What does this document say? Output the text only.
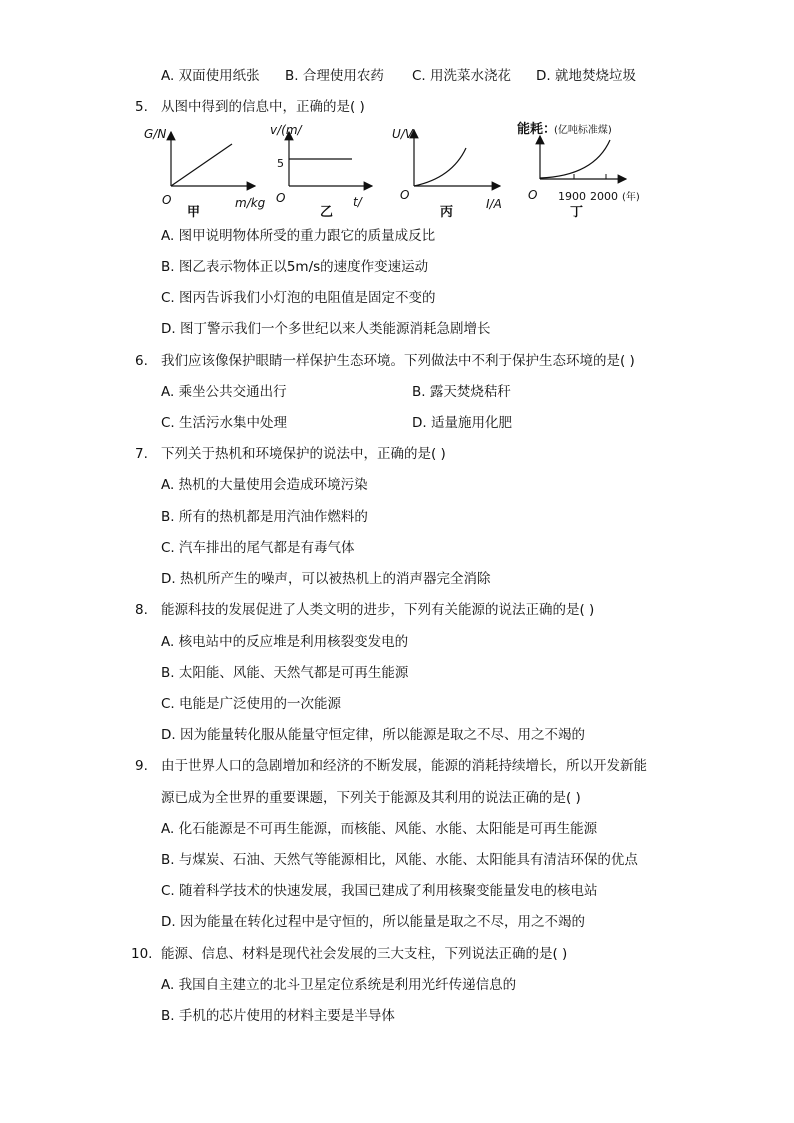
A. 双面使用纸张 B. 合理使用农药 C. 用洗菜水浇花 D. 就地焚烧垃圾
5. 从图中得到的信息中，正确的是( )
G/N
O	m/kg
甲
v/(m/
5
O	t/
乙
U/V
O
I/A
丙
能耗：
(亿吨标准煤)
O 1900 2000 (年)
丁
A. 图甲说明物体所受的重力跟它的质量成反比
B. 图乙表示物体正以5m/s的速度作变速运动
C. 图丙告诉我们小灯泡的电阻值是固定不变的
D. 图丁警示我们一个多世纪以来人类能源消耗急剧增长
6. 我们应该像保护眼睛一样保护生态环境。下列做法中不利于保护生态环境的是( )
A. 乘坐公共交通出行	B. 露天焚烧秸秆
C. 生活污水集中处理	D. 适量施用化肥
7. 下列关于热机和环境保护的说法中，正确的是( )
A. 热机的大量使用会造成环境污染
B. 所有的热机都是用汽油作燃料的
C. 汽车排出的尾气都是有毒气体
D. 热机所产生的噪声，可以被热机上的消声器完全消除
8. 能源科技的发展促进了人类文明的进步，下列有关能源的说法正确的是( )
A. 核电站中的反应堆是利用核裂变发电的
B. 太阳能、风能、天然气都是可再生能源
C. 电能是广泛使用的一次能源
D. 因为能量转化服从能量守恒定律，所以能源是取之不尽、用之不竭的
9. 由于世界人口的急剧增加和经济的不断发展，能源的消耗持续增长，所以开发新能
源已成为全世界的重要课题，下列关于能源及其利用的说法正确的是( )
A. 化石能源是不可再生能源，而核能、风能、水能、太阳能是可再生能源
B. 与煤炭、石油、天然气等能源相比，风能、水能、太阳能具有清洁环保的优点
C. 随着科学技术的快速发展，我国已建成了利用核聚变能量发电的核电站
D. 因为能量在转化过程中是守恒的，所以能量是取之不尽，用之不竭的
10. 能源、信息、材料是现代社会发展的三大支柱，下列说法正确的是( )
A. 我国自主建立的北斗卫星定位系统是利用光纤传递信息的
B. 手机的芯片使用的材料主要是半导体
